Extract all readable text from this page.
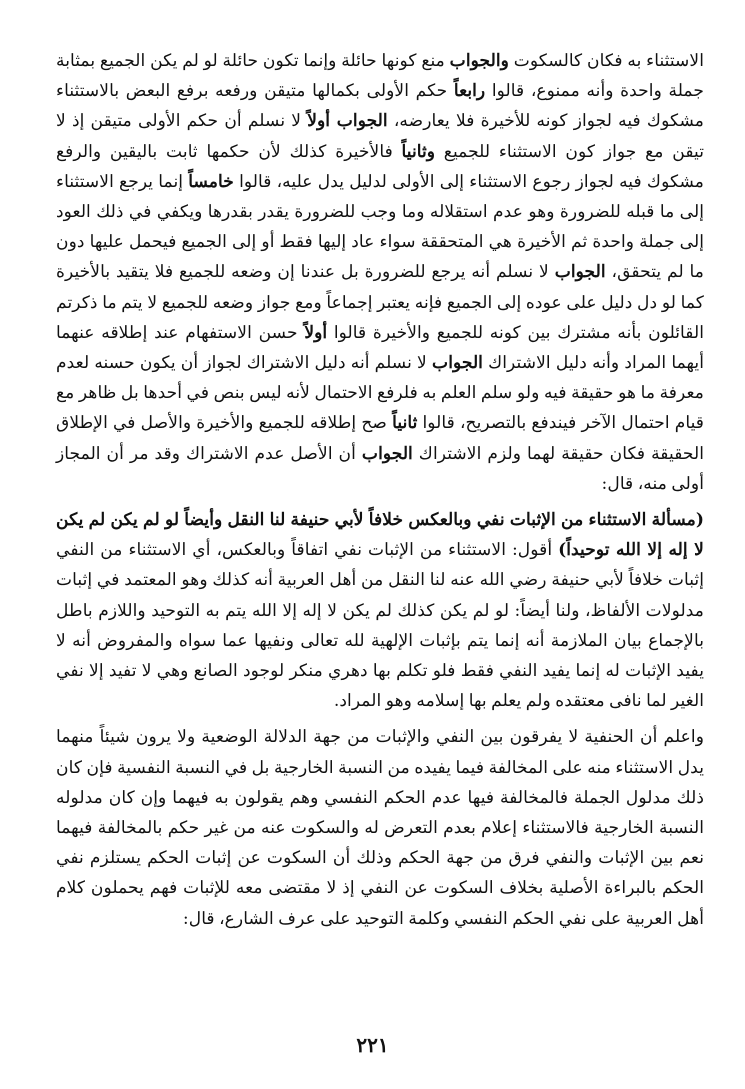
الاستثناء به فكان كالسكوت والجواب منع كونها حائلة وإنما تكون حائلة لو لم يكن الجميع بمثابة جملة واحدة وأنه ممنوع، قالوا رابعاً حكم الأولى بكمالها متيقن ورفعه برفع البعض بالاستثناء مشكوك فيه لجواز كونه للأخيرة فلا يعارضه، الجواب أولاً لا نسلم أن حكم الأولى متيقن إذ لا تيقن مع جواز كون الاستثناء للجميع وثانياً فالأخيرة كذلك لأن حكمها ثابت باليقين والرفع مشكوك فيه لجواز رجوع الاستثناء إلى الأولى لدليل يدل عليه، قالوا خامساً إنما يرجع الاستثناء إلى ما قبله للضرورة وهو عدم استقلاله وما وجب للضرورة يقدر بقدرها ويكفي في ذلك العود إلى جملة واحدة ثم الأخيرة هي المتحققة سواء عاد إليها فقط أو إلى الجميع فيحمل عليها دون ما لم يتحقق، الجواب لا نسلم أنه يرجع للضرورة بل عندنا إن وضعه للجميع فلا يتقيد بالأخيرة كما لو دل دليل على عوده إلى الجميع فإنه يعتبر إجماعاً ومع جواز وضعه للجميع لا يتم ما ذكرتم القائلون بأنه مشترك بين كونه للجميع والأخيرة قالوا أولاً حسن الاستفهام عند إطلاقه عنهما أيهما المراد وأنه دليل الاشتراك الجواب لا نسلم أنه دليل الاشتراك لجواز أن يكون حسنه لعدم معرفة ما هو حقيقة فيه ولو سلم العلم به فلرفع الاحتمال لأنه ليس بنص في أحدها بل ظاهر مع قيام احتمال الآخر فيندفع بالتصريح، قالوا ثانياً صح إطلاقه للجميع والأخيرة والأصل في الإطلاق الحقيقة فكان حقيقة لهما ولزم الاشتراك الجواب أن الأصل عدم الاشتراك وقد مر أن المجاز أولى منه، قال:

(مسألة الاستثناء من الإثبات نفي وبالعكس خلافاً لأبي حنيفة لنا النقل وأيضاً لو لم يكن لم يكن لا إله إلا الله توحيداً) أقول: الاستثناء من الإثبات نفي اتفاقاً وبالعكس، أي الاستثناء من النفي إثبات خلافاً لأبي حنيفة رضي الله عنه لنا النقل من أهل العربية أنه كذلك وهو المعتمد في إثبات مدلولات الألفاظ، ولنا أيضاً: لو لم يكن كذلك لم يكن لا إله إلا الله يتم به التوحيد واللازم باطل بالإجماع بيان الملازمة أنه إنما يتم بإثبات الإلهية لله تعالى ونفيها عما سواه والمفروض أنه لا يفيد الإثبات له إنما يفيد النفي فقط فلو تكلم بها دهري منكر لوجود الصانع وهي لا تفيد إلا نفي الغير لما نافى معتقده ولم يعلم بها إسلامه وهو المراد.

واعلم أن الحنفية لا يفرقون بين النفي والإثبات من جهة الدلالة الوضعية ولا يرون شيئاً منهما يدل الاستثناء منه على المخالفة فيما يفيده من النسبة الخارجية بل في النسبة النفسية فإن كان ذلك مدلول الجملة فالمخالفة فيها عدم الحكم النفسي وهم يقولون به فيهما وإن كان مدلوله النسبة الخارجية فالاستثناء إعلام بعدم التعرض له والسكوت عنه من غير حكم بالمخالفة فيهما نعم بين الإثبات والنفي فرق من جهة الحكم وذلك أن السكوت عن إثبات الحكم يستلزم نفي الحكم بالبراءة الأصلية بخلاف السكوت عن النفي إذ لا مقتضى معه للإثبات فهم يحملون كلام أهل العربية على نفي الحكم النفسي وكلمة التوحيد على عرف الشارع، قال:

٢٢١
